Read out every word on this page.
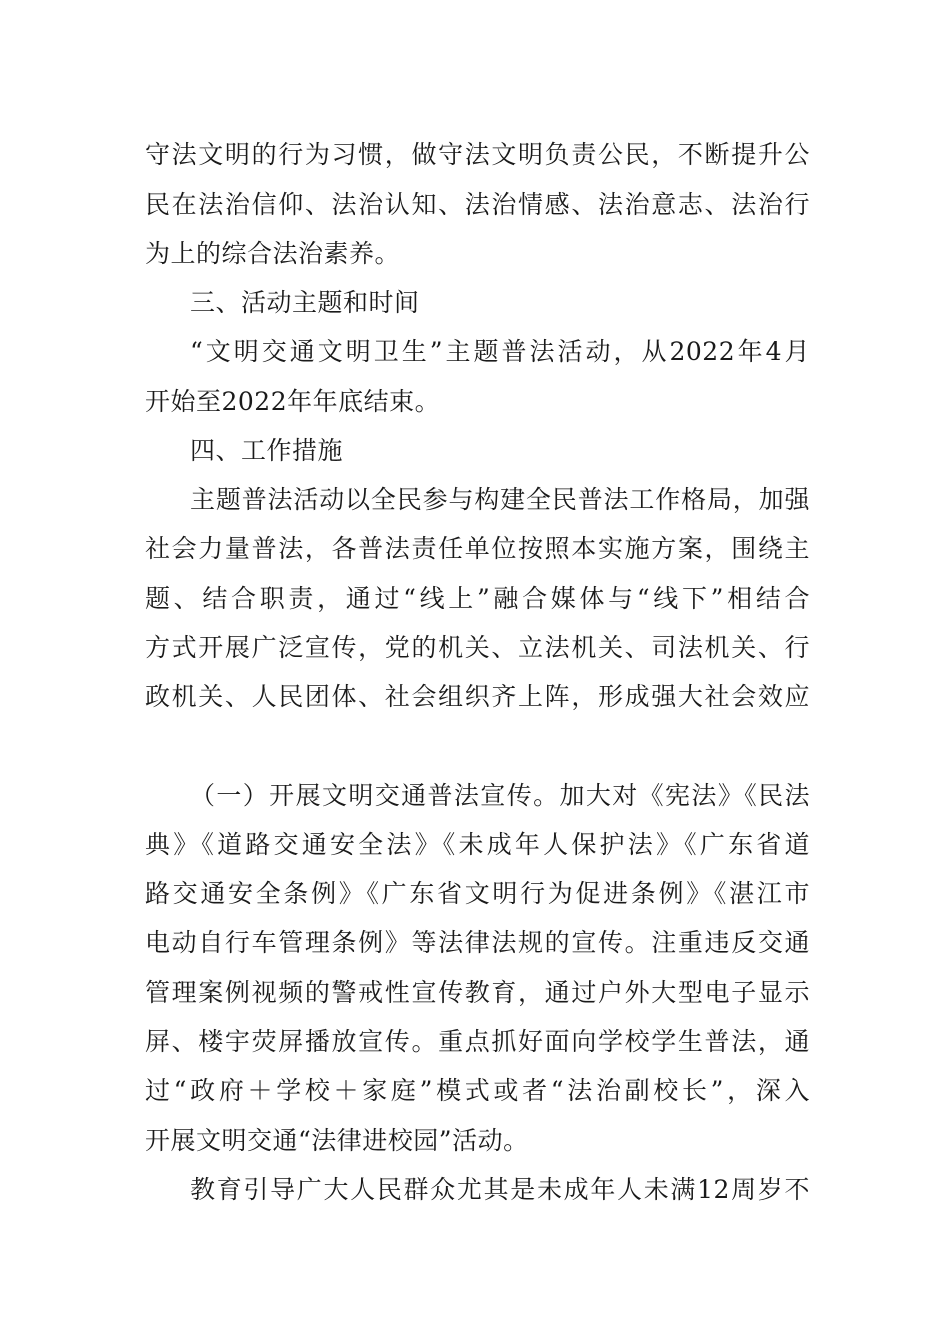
守法文明的行为习惯，做守法文明负责公民，不断提升公
民在法治信仰、法治认知、法治情感、法治意志、法治行
为上的综合法治素养。
三、活动主题和时间
“文明交通文明卫生”主题普法活动，从2022年4月
开始至2022年年底结束。
四、工作措施
主题普法活动以全民参与构建全民普法工作格局，加强
社会力量普法，各普法责任单位按照本实施方案，围绕主
题、结合职责，通过“线上”融合媒体与“线下”相结合
方式开展广泛宣传，党的机关、立法机关、司法机关、行
政机关、人民团体、社会组织齐上阵，形成强大社会效应
（一）开展文明交通普法宣传。加大对《宪法》《民法
典》《道路交通安全法》《未成年人保护法》《广东省道
路交通安全条例》《广东省文明行为促进条例》《湛江市
电动自行车管理条例》等法律法规的宣传。注重违反交通
管理案例视频的警戒性宣传教育，通过户外大型电子显示
屏、楼宇荧屏播放宣传。重点抓好面向学校学生普法，通
过“政府＋学校＋家庭”模式或者“法治副校长”，深入
开展文明交通“法律进校园”活动。
教育引导广大人民群众尤其是未成年人未满12周岁不
